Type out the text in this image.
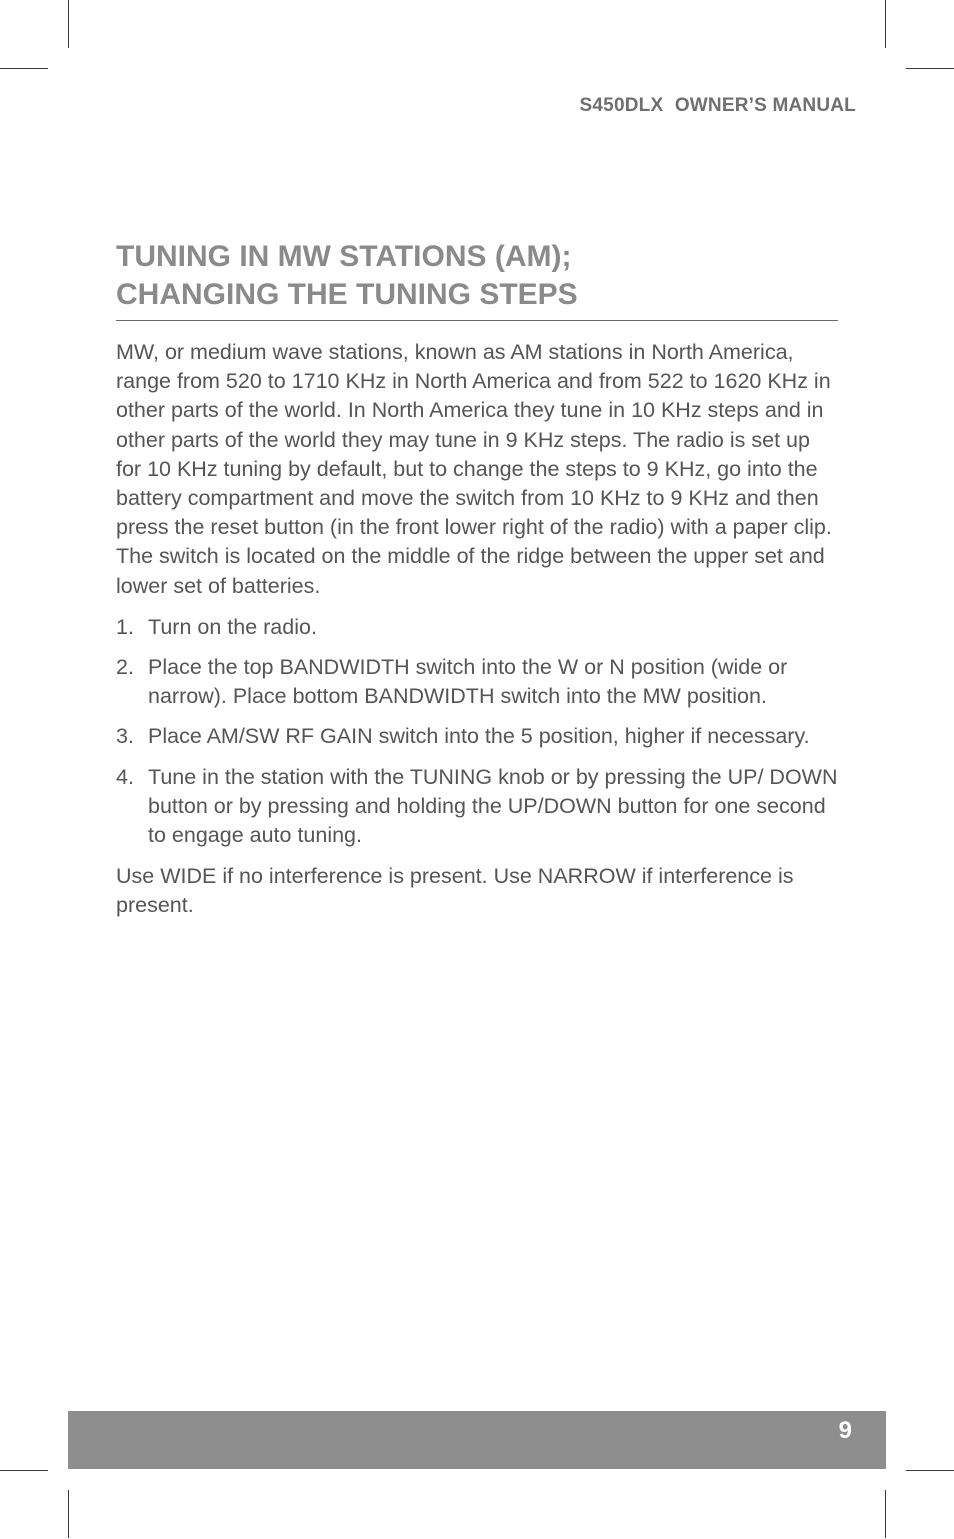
S450DLX OWNER’S MANUAL
TUNING IN MW STATIONS (AM);
CHANGING THE TUNING STEPS

MW, or medium wave stations, known as AM stations in North America, range from 520 to 1710 KHz in North America and from 522 to 1620 KHz in other parts of the world. In North America they tune in 10 KHz steps and in other parts of the world they may tune in 9 KHz steps. The radio is set up for 10 KHz tuning by default, but to change the steps to 9 KHz, go into the battery compartment and move the switch from 10 KHz to 9 KHz and then press the reset button (in the front lower right of the radio) with a paper clip. The switch is located on the middle of the ridge between the upper set and lower set of batteries.

1. Turn on the radio.
2. Place the top BANDWIDTH switch into the W or N position (wide or narrow). Place bottom BANDWIDTH switch into the MW position.
3. Place AM/SW RF GAIN switch into the 5 position, higher if necessary.
4. Tune in the station with the TUNING knob or by pressing the UP/ DOWN button or by pressing and holding the UP/DOWN button for one second to engage auto tuning.

Use WIDE if no interference is present. Use NARROW if interference is present.

9
